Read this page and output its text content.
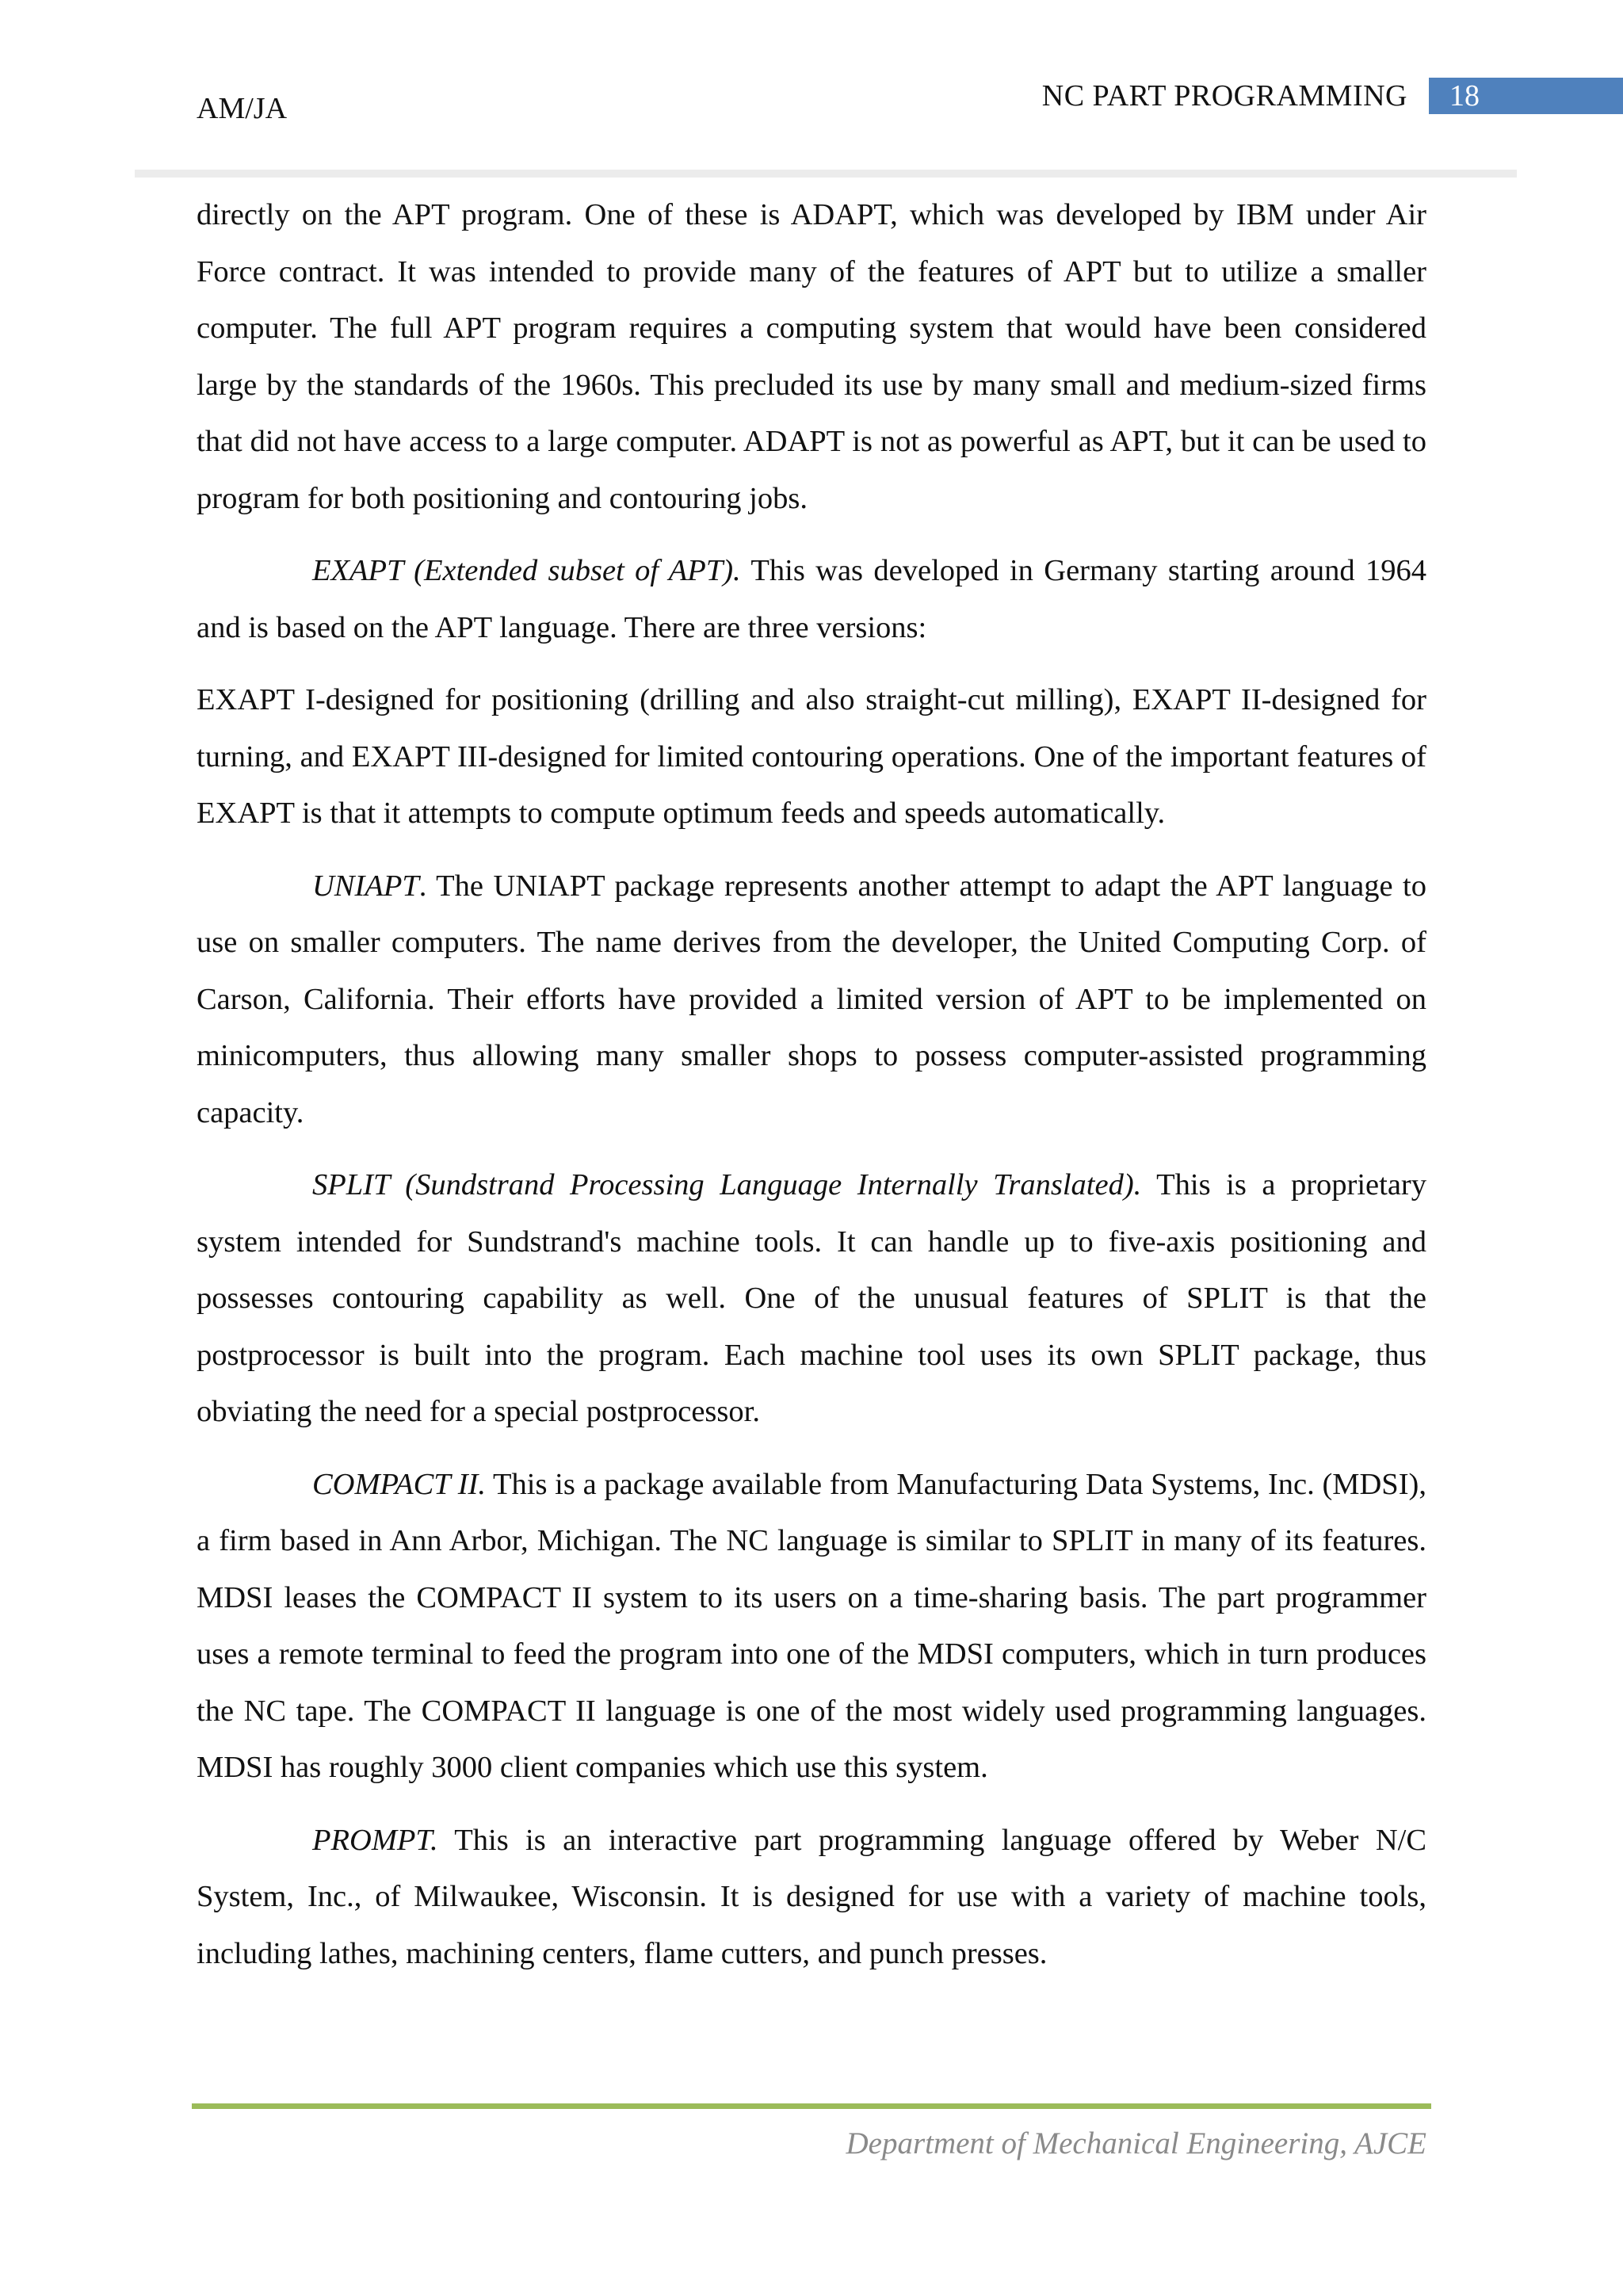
AM/JA	NC PART PROGRAMMING	18

directly on the APT program. One of these is ADAPT, which was developed by IBM under Air Force contract. It was intended to provide many of the features of APT but to utilize a smaller computer. The full APT program requires a computing system that would have been considered large by the standards of the 1960s. This precluded its use by many small and medium-sized firms that did not have access to a large computer. ADAPT is not as powerful as APT, but it can be used to program for both positioning and contouring jobs.

EXAPT (Extended subset of APT). This was developed in Germany starting around 1964 and is based on the APT language. There are three versions:

EXAPT I-designed for positioning (drilling and also straight-cut milling), EXAPT II-designed for turning, and EXAPT III-designed for limited contouring operations. One of the important features of EXAPT is that it attempts to compute optimum feeds and speeds automatically.

UNIAPT. The UNIAPT package represents another attempt to adapt the APT language to use on smaller computers. The name derives from the developer, the United Computing Corp. of Carson, California. Their efforts have provided a limited version of APT to be implemented on minicomputers, thus allowing many smaller shops to possess computer-assisted programming capacity.

SPLIT (Sundstrand Processing Language Internally Translated). This is a proprietary system intended for Sundstrand's machine tools. It can handle up to five-axis positioning and possesses contouring capability as well. One of the unusual features of SPLIT is that the postprocessor is built into the program. Each machine tool uses its own SPLIT package, thus obviating the need for a special postprocessor.

COMPACT II. This is a package available from Manufacturing Data Systems, Inc. (MDSI), a firm based in Ann Arbor, Michigan. The NC language is similar to SPLIT in many of its features. MDSI leases the COMPACT II system to its users on a time-sharing basis. The part programmer uses a remote terminal to feed the program into one of the MDSI computers, which in turn produces the NC tape. The COMPACT II language is one of the most widely used programming languages. MDSI has roughly 3000 client companies which use this system.

PROMPT. This is an interactive part programming language offered by Weber N/C System, Inc., of Milwaukee, Wisconsin. It is designed for use with a variety of machine tools, including lathes, machining centers, flame cutters, and punch presses.

Department of Mechanical Engineering, AJCE
